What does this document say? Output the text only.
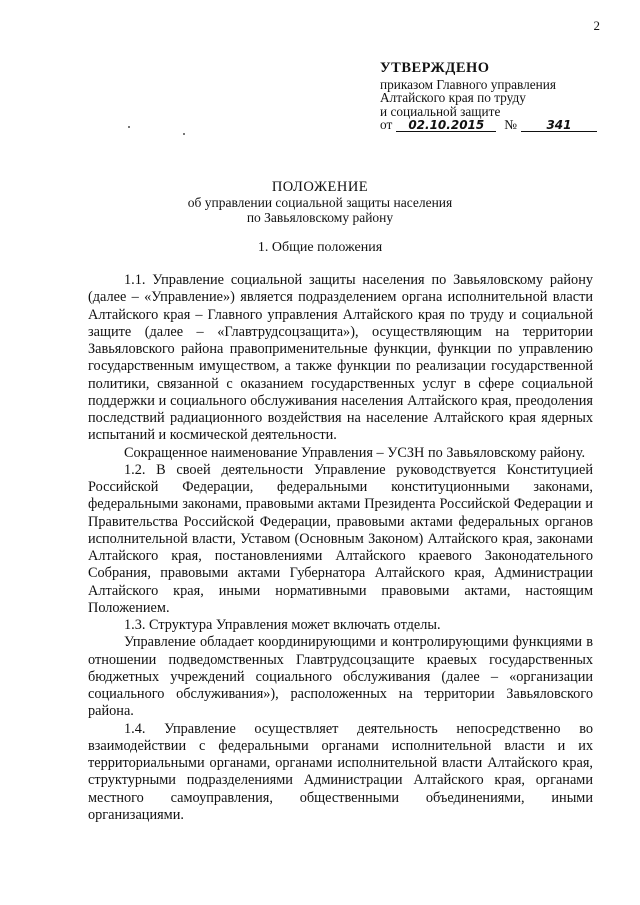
2
УТВЕРЖДЕНО
приказом Главного управления
Алтайского края по труду
и социальной защите
от	02.10.2015	№	341
ПОЛОЖЕНИЕ
об управлении социальной защиты населения
по Завьяловскому району
1. Общие положения

1.1. Управление социальной защиты населения по Завьяловскому району (далее – «Управление») является подразделением органа исполнительной власти Алтайского края – Главного управления Алтайского края по труду и социальной защите (далее – «Главтрудсоцзащита»), осуществляющим на территории Завьяловского района правоприменительные функции, функции по управлению государственным имуществом, а также функции по реализации государственной политики, связанной с оказанием государственных услуг в сфере социальной поддержки и социального обслуживания населения Алтайского края, преодоления последствий радиационного воздействия на население Алтайского края ядерных испытаний и космической деятельности.

Сокращенное наименование Управления – УСЗН по Завьяловскому району.

1.2. В своей деятельности Управление руководствуется Конституцией Российской Федерации, федеральными конституционными законами, федеральными законами, правовыми актами Президента Российской Федерации и Правительства Российской Федерации, правовыми актами федеральных органов исполнительной власти, Уставом (Основным Законом) Алтайского края, законами Алтайского края, постановлениями Алтайского краевого Законодательного Собрания, правовыми актами Губернатора Алтайского края, Администрации Алтайского края, иными нормативными правовыми актами, настоящим Положением.

1.3. Структура Управления может включать отделы.

Управление обладает координирующими и контролирующими функциями в отношении подведомственных Главтрудсоцзащите краевых государственных бюджетных учреждений социального обслуживания (далее – «организации социального обслуживания»), расположенных на территории Завьяловского района.

1.4. Управление осуществляет деятельность непосредственно во взаимодействии с федеральными органами исполнительной власти и их территориальными органами, органами исполнительной власти Алтайского края, структурными подразделениями Администрации Алтайского края, органами местного самоуправления, общественными объединениями, иными организациями.
